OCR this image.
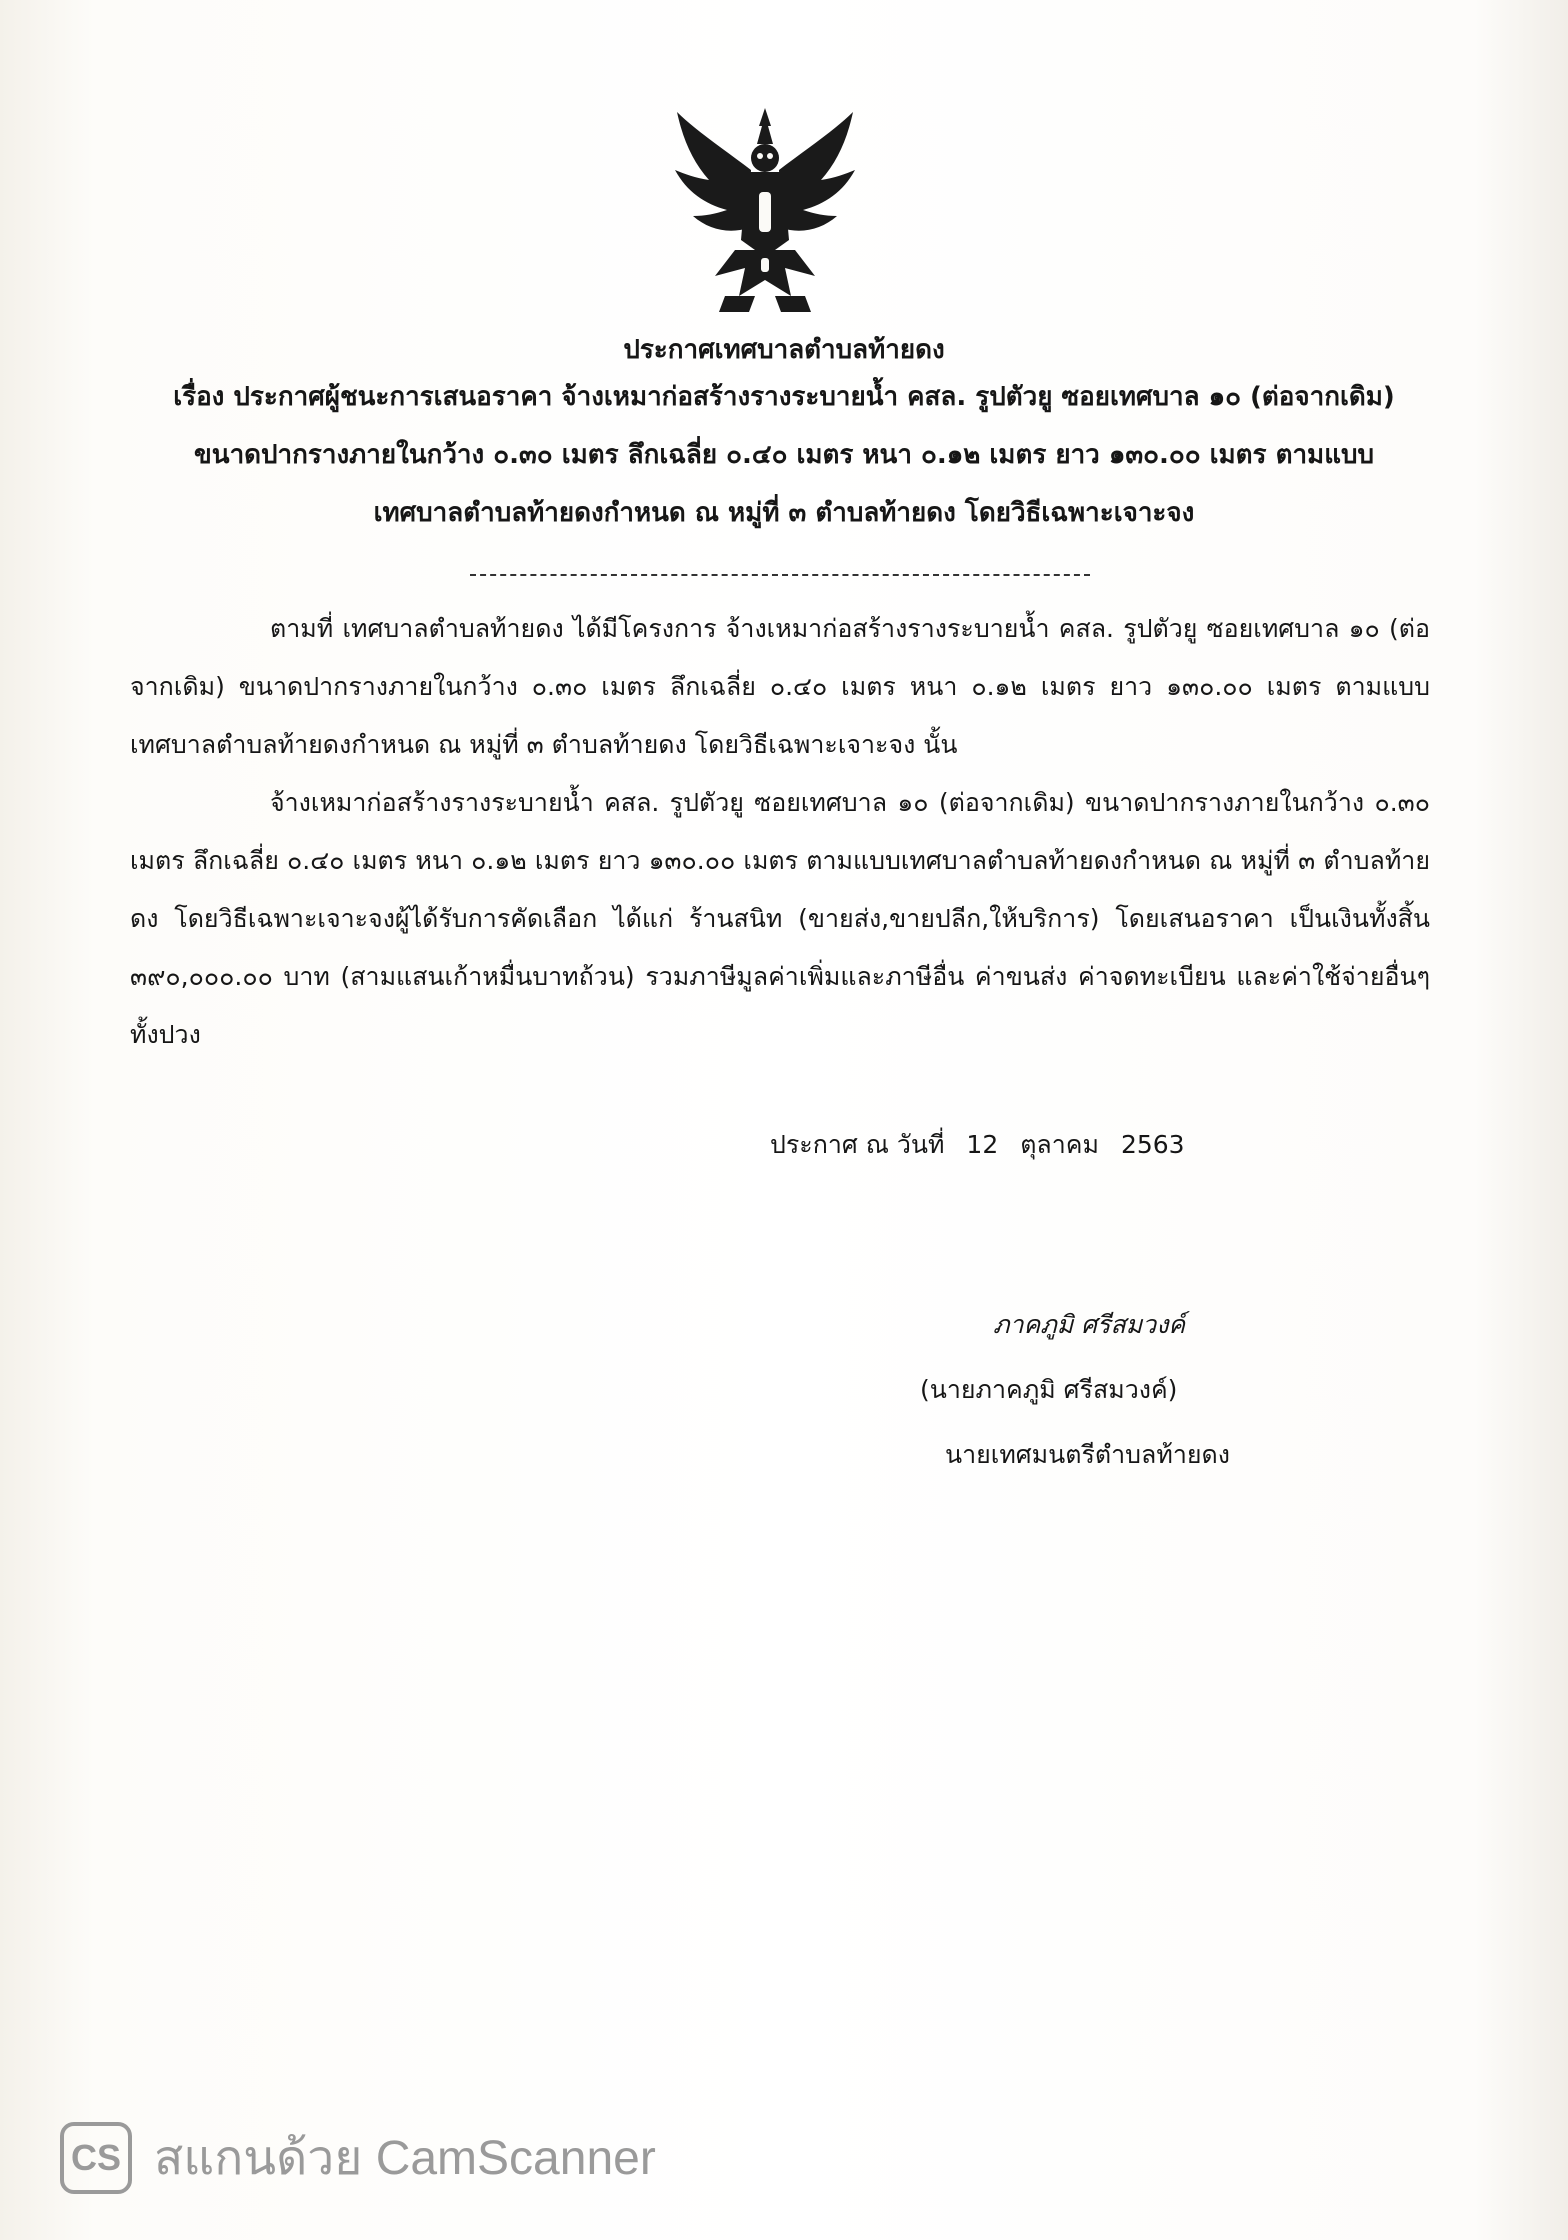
ประกาศเทศบาลตำบลท้ายดง
เรื่อง ประกาศผู้ชนะการเสนอราคา จ้างเหมาก่อสร้างรางระบายน้ำ คสล. รูปตัวยู ซอยเทศบาล ๑๐ (ต่อจากเดิม)
ขนาดปากรางภายในกว้าง ๐.๓๐ เมตร ลึกเฉลี่ย ๐.๔๐ เมตร หนา ๐.๑๒ เมตร ยาว ๑๓๐.๐๐ เมตร ตามแบบ
เทศบาลตำบลท้ายดงกำหนด ณ หมู่ที่ ๓ ตำบลท้ายดง โดยวิธีเฉพาะเจาะจง

ตามที่ เทศบาลตำบลท้ายดง ได้มีโครงการ จ้างเหมาก่อสร้างรางระบายน้ำ คสล. รูปตัวยู ซอยเทศบาล ๑๐ (ต่อจากเดิม) ขนาดปากรางภายในกว้าง ๐.๓๐ เมตร ลึกเฉลี่ย ๐.๔๐ เมตร หนา ๐.๑๒ เมตร ยาว ๑๓๐.๐๐ เมตร ตามแบบเทศบาลตำบลท้ายดงกำหนด ณ หมู่ที่ ๓ ตำบลท้ายดง โดยวิธีเฉพาะเจาะจง นั้น

จ้างเหมาก่อสร้างรางระบายน้ำ คสล. รูปตัวยู ซอยเทศบาล ๑๐ (ต่อจากเดิม) ขนาดปากรางภายในกว้าง ๐.๓๐ เมตร ลึกเฉลี่ย ๐.๔๐ เมตร หนา ๐.๑๒ เมตร ยาว ๑๓๐.๐๐ เมตร ตามแบบเทศบาลตำบลท้ายดงกำหนด ณ หมู่ที่ ๓ ตำบลท้ายดง โดยวิธีเฉพาะเจาะจงผู้ได้รับการคัดเลือก ได้แก่ ร้านสนิท (ขายส่ง,ขายปลีก,ให้บริการ) โดยเสนอราคา เป็นเงินทั้งสิ้น ๓๙๐,๐๐๐.๐๐ บาท (สามแสนเก้าหมื่นบาทถ้วน) รวมภาษีมูลค่าเพิ่มและภาษีอื่น ค่าขนส่ง ค่าจดทะเบียน และค่าใช้จ่ายอื่นๆ ทั้งปวง

ประกาศ ณ วันที่ 12 ตุลาคม 2563
ภาคภูมิ ศรีสมวงค์
(นายภาคภูมิ ศรีสมวงค์)
นายเทศมนตรีตำบลท้ายดง
CS สแกนด้วย CamScanner
